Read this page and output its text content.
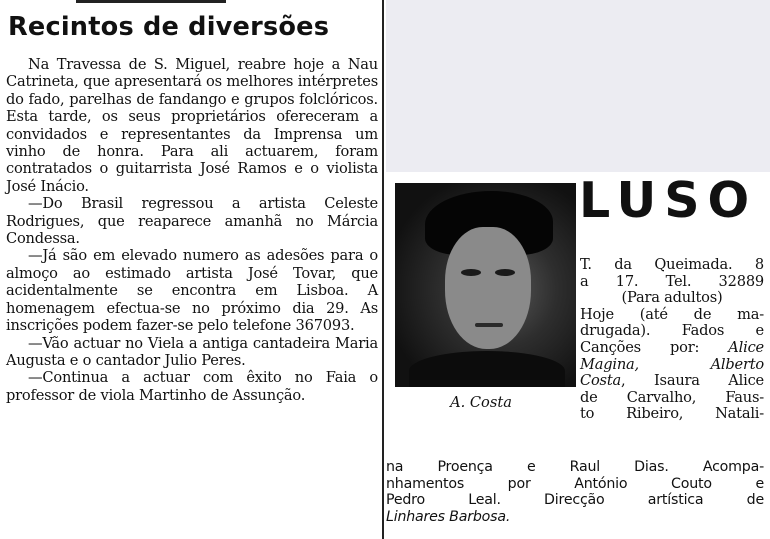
Recintos de diversões

Na Travessa de S. Miguel, reabre hoje a Nau Catrineta, que apresentará os melhores intérpretes do fado, parelhas de fandango e grupos folclóricos. Esta tarde, os seus proprietários ofereceram a convidados e representantes da Imprensa um vinho de honra. Para ali actuarem, foram contratados o guitarrista José Ramos e o violista José Inácio.

—Do Brasil regressou a artista Celeste Rodrigues, que reaparece amanhã no Márcia Condessa.

—Já são em elevado numero as adesões para o almoço ao estimado artista José Tovar, que acidentalmente se encontra em Lisboa. A homenagem efectua-se no próximo dia 29. As inscrições podem fazer-se pelo telefone 367093.

—Vão actuar no Viela a antiga cantadeira Maria Augusta e o cantador Julio Peres.

—Continua a actuar com êxito no Faia o professor de viola Martinho de Assunção.	A. Costa
LUSO
T. da Queimada. 8
a 17. Tel. 32889
(Para adultos)
Hoje (até de ma-
drugada). Fados e
Canções por: Alice
Magina, Alberto
Costa, Isaura Alice
de Carvalho, Faus-
to Ribeiro, Natali-
na Proença e Raul Dias. Acompa-
nhamentos por António Couto e
Pedro Leal. Direcção artística de
Linhares Barbosa.
